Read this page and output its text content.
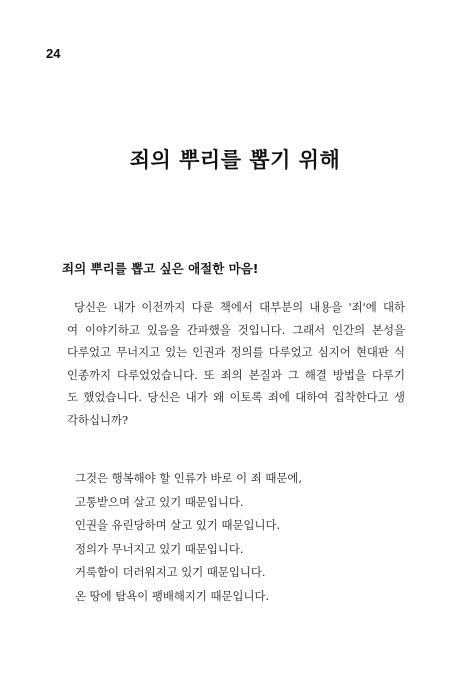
24
죄의 뿌리를 뽑기 위해
죄의 뿌리를 뽑고 싶은 애절한 마음!
당신은 내가 이전까지 다룬 책에서 대부분의 내용을 '죄'에 대하
여 이야기하고 있음을 간파했을 것입니다. 그래서 인간의 본성을
다루었고 무너지고 있는 인권과 정의를 다루었고 심지어 현대판 식
인종까지 다루었었습니다. 또 죄의 본질과 그 해결 방법을 다루기
도 했었습니다. 당신은 내가 왜 이토록 죄에 대하여 집착한다고 생
각하십니까?
그것은 행복해야 할 인류가 바로 이 죄 때문에,
고통받으며 살고 있기 때문입니다.
인권을 유린당하며 살고 있기 때문입니다.
정의가 무너지고 있기 때문입니다.
거룩함이 더러워지고 있기 때문입니다.
온 땅에 탐욕이 팽배해지기 때문입니다.
